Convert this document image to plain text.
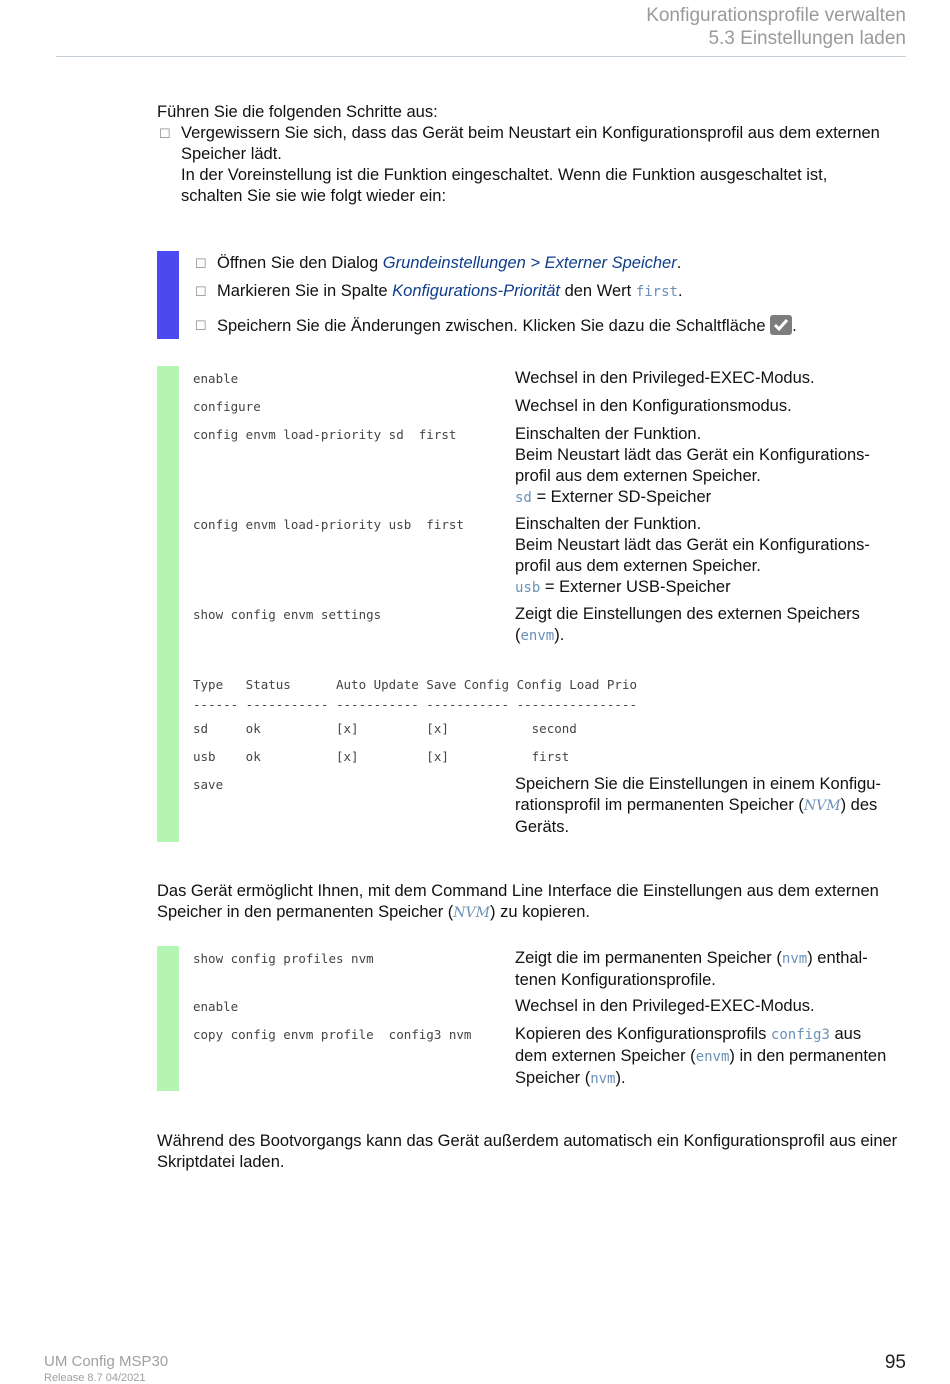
Konfigurationsprofile verwalten
5.3 Einstellungen laden
Führen Sie die folgenden Schritte aus:
☐ Vergewissern Sie sich, dass das Gerät beim Neustart ein Konfigurationsprofil aus dem externen Speicher lädt.
In der Voreinstellung ist die Funktion eingeschaltet. Wenn die Funktion ausgeschaltet ist, schalten Sie sie wie folgt wieder ein:
☐ Öffnen Sie den Dialog Grundeinstellungen > Externer Speicher.
☐ Markieren Sie in Spalte Konfigurations-Priorität den Wert first.
☐ Speichern Sie die Änderungen zwischen. Klicken Sie dazu die Schaltfläche .
enable	Wechsel in den Privileged-EXEC-Modus.
configure	Wechsel in den Konfigurationsmodus.
config envm load-priority sd  first	Einschalten der Funktion.
Beim Neustart lädt das Gerät ein Konfigurations-
profil aus dem externen Speicher.
sd = Externer SD-Speicher
config envm load-priority usb  first	Einschalten der Funktion.
Beim Neustart lädt das Gerät ein Konfigurations-
profil aus dem externen Speicher.
usb = Externer USB-Speicher
show config envm settings	Zeigt die Einstellungen des externen Speichers
(envm).
Type   Status      Auto Update Save Config Config Load Prio
------ ----------- ----------- ----------- ----------------
sd     ok          [x]         [x]           second
usb    ok          [x]         [x]           first
save	Speichern Sie die Einstellungen in einem Konfigu-
rationsprofil im permanenten Speicher (NVM) des
Geräts.
Das Gerät ermöglicht Ihnen, mit dem Command Line Interface die Einstellungen aus dem externen
Speicher in den permanenten Speicher (NVM) zu kopieren.
show config profiles nvm	Zeigt die im permanenten Speicher (nvm) enthal-
tenen Konfigurationsprofile.
enable	Wechsel in den Privileged-EXEC-Modus.
copy config envm profile  config3 nvm	Kopieren des Konfigurationsprofils config3 aus
dem externen Speicher (envm) in den permanenten
Speicher (nvm).
Während des Bootvorgangs kann das Gerät außerdem automatisch ein Konfigurationsprofil aus einer Skriptdatei laden.
UM Config MSP30
Release 8.7 04/2021
95
